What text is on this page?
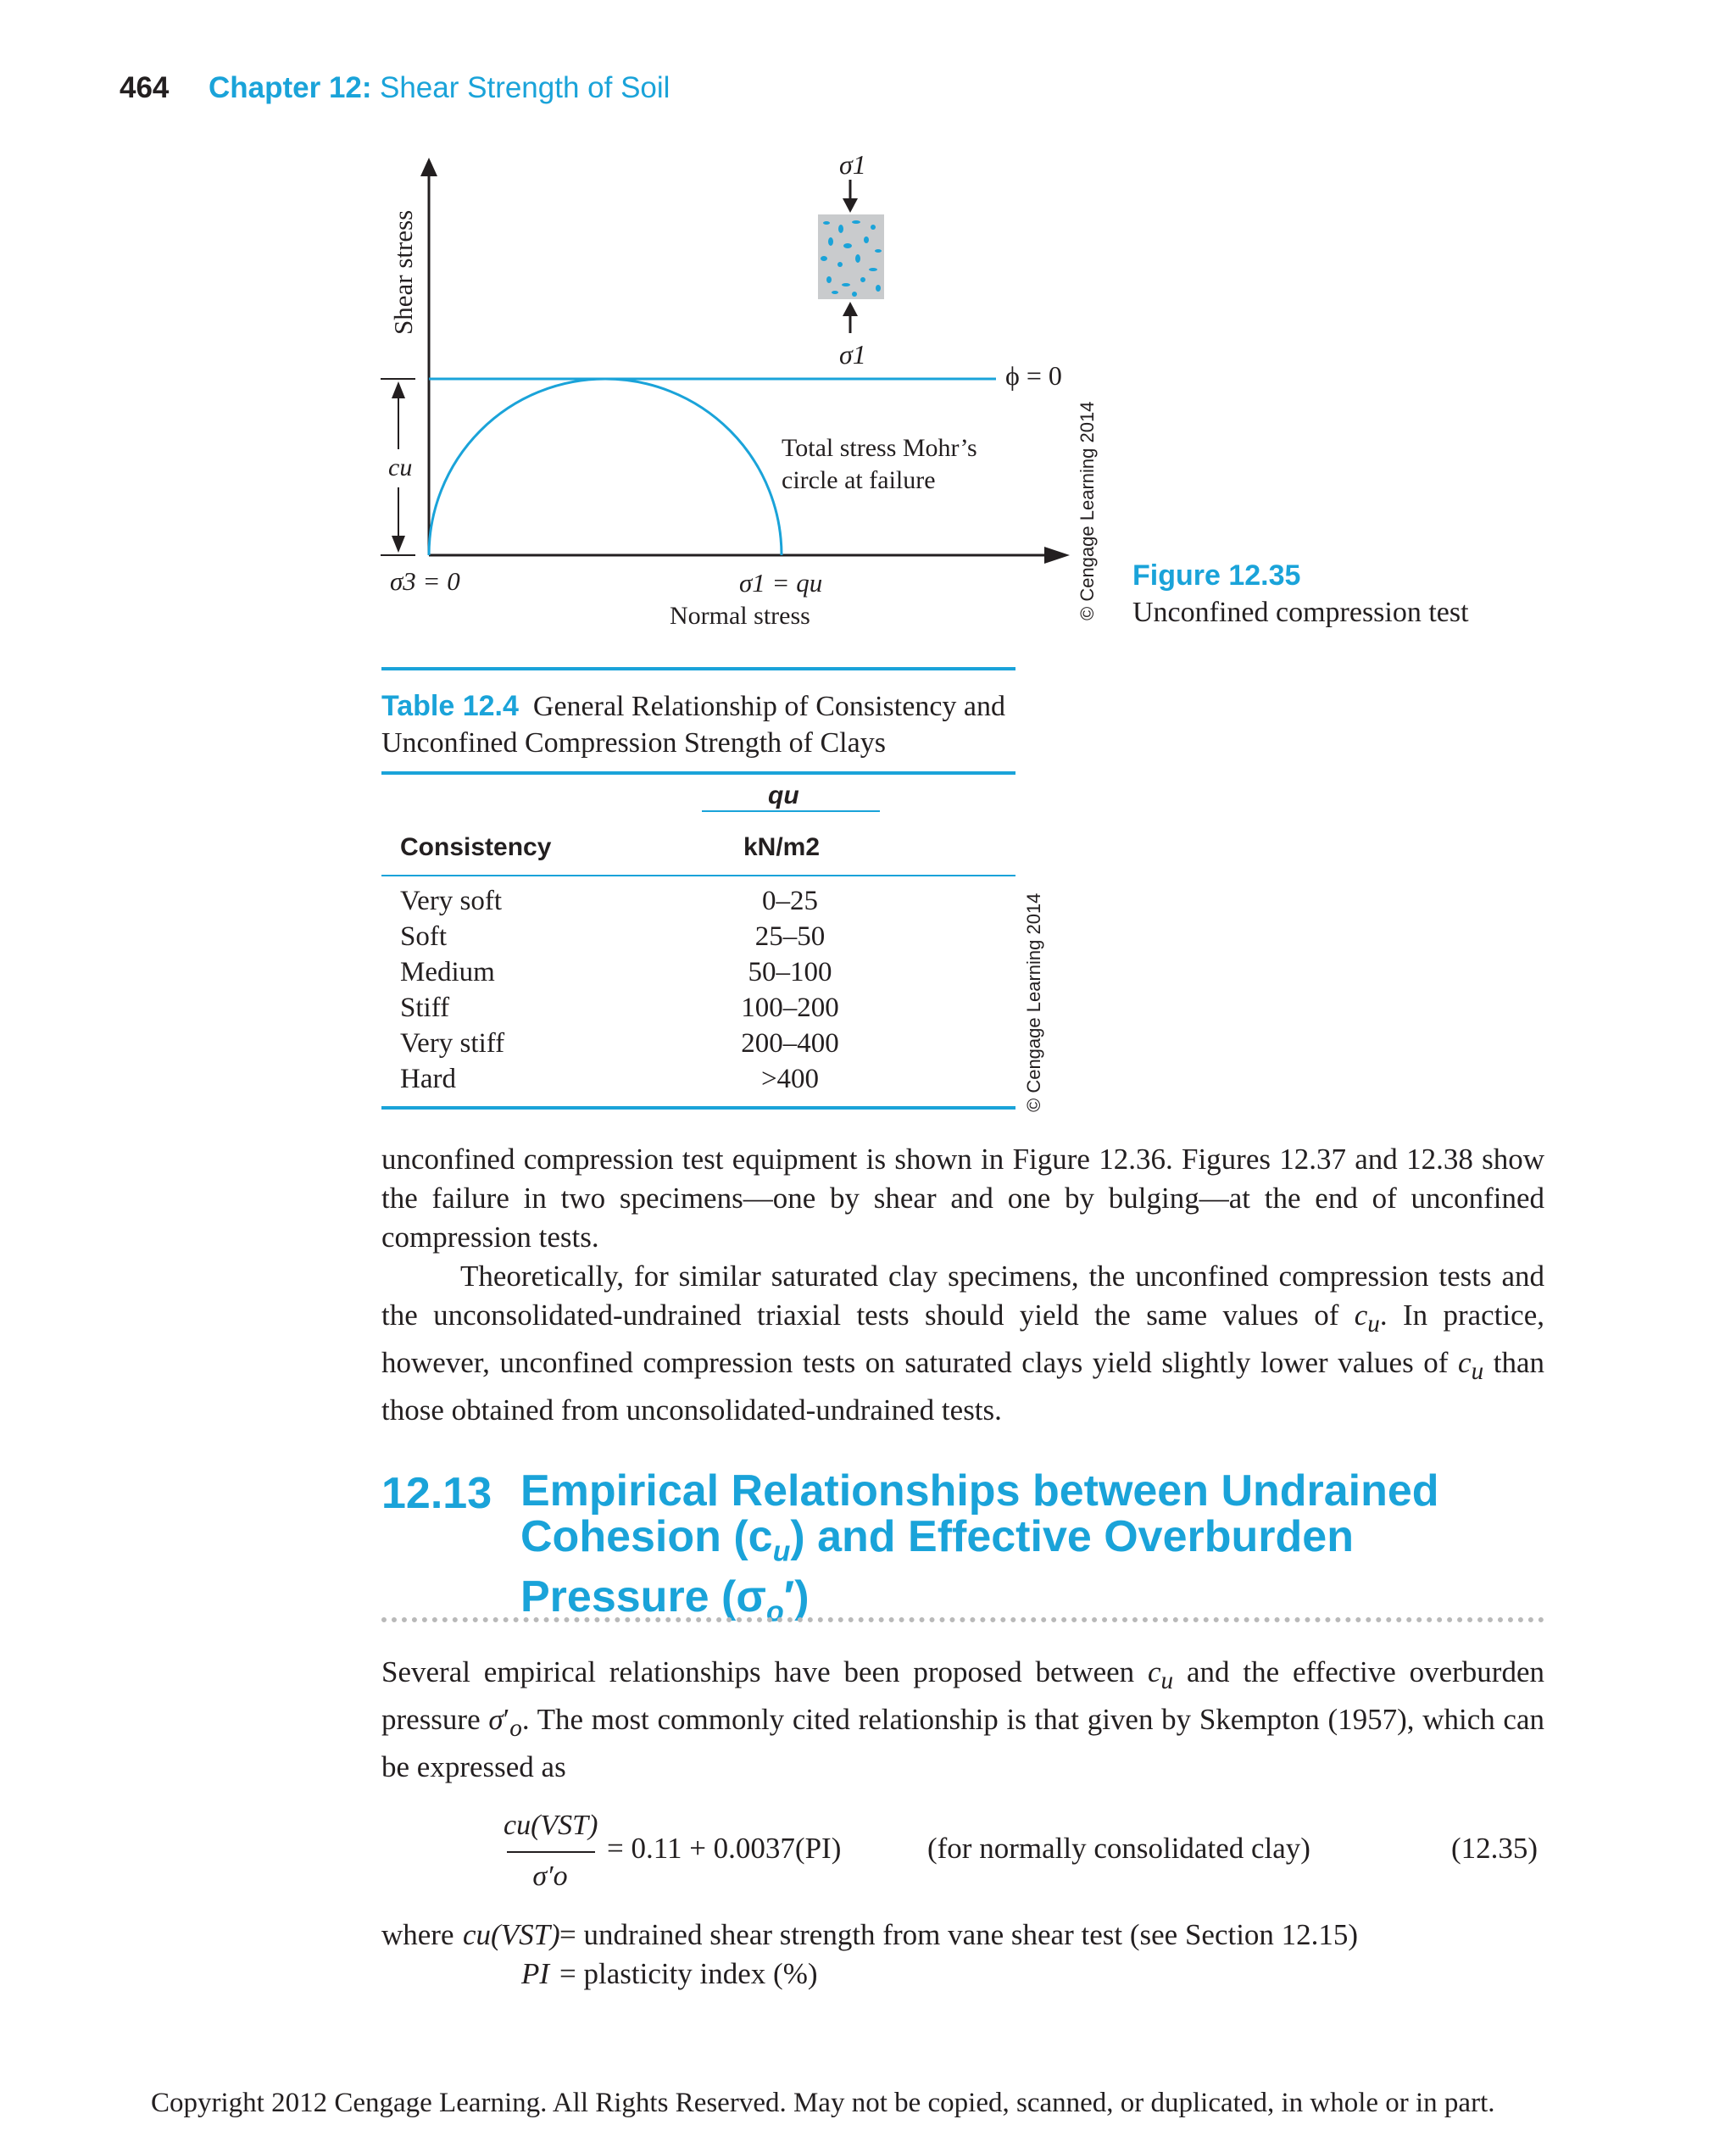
464 Chapter 12: Shear Strength of Soil
Shear stress
σ1
σ1
ϕ = 0
cu
Total stress Mohr’s
circle at failure
σ3 = 0	σ1 = qu
Normal stress	© Cengage Learning 2014 Figure 12.35
Unconfined compression test
Table 12.4 General Relationship of Consistency and Unconfined Compression Strength of Clays
qu
Consistency	kN/m2
Very soft	0–25
Soft	25–50
Medium	50–100
Stiff	100–200
Very stiff	200–400
Hard	>400	© Cengage Learning 2014

unconfined compression test equipment is shown in Figure 12.36. Figures 12.37 and 12.38 show the failure in two specimens—one by shear and one by bulging—at the end of unconfined compression tests.

Theoretically, for similar saturated clay specimens, the unconfined compression tests and the unconsolidated-undrained triaxial tests should yield the same values of $c_u$. In practice, however, unconfined compression tests on saturated clays yield slightly lower values of $c_u$ than those obtained from unconsolidated-undrained tests.

12.13 Empirical Relationships between Undrained
Cohesion $(c_u)$ and Effective Overburden
Pressure $(\sigma_o')$

Several empirical relationships have been proposed between $c_u$ and the effective overburden pressure $\sigma'_o$. The most commonly cited relationship is that given by Skempton (1957), which can be expressed as

cu(VST)
σ′o
= 0.11 + 0.0037(PI)	(for normally consolidated clay)	(12.35)
where cu(VST) = undrained shear strength from vane shear test (see Section 12.15)
PI = plasticity index (%)
Copyright 2012 Cengage Learning. All Rights Reserved. May not be copied, scanned, or duplicated, in whole or in part.
